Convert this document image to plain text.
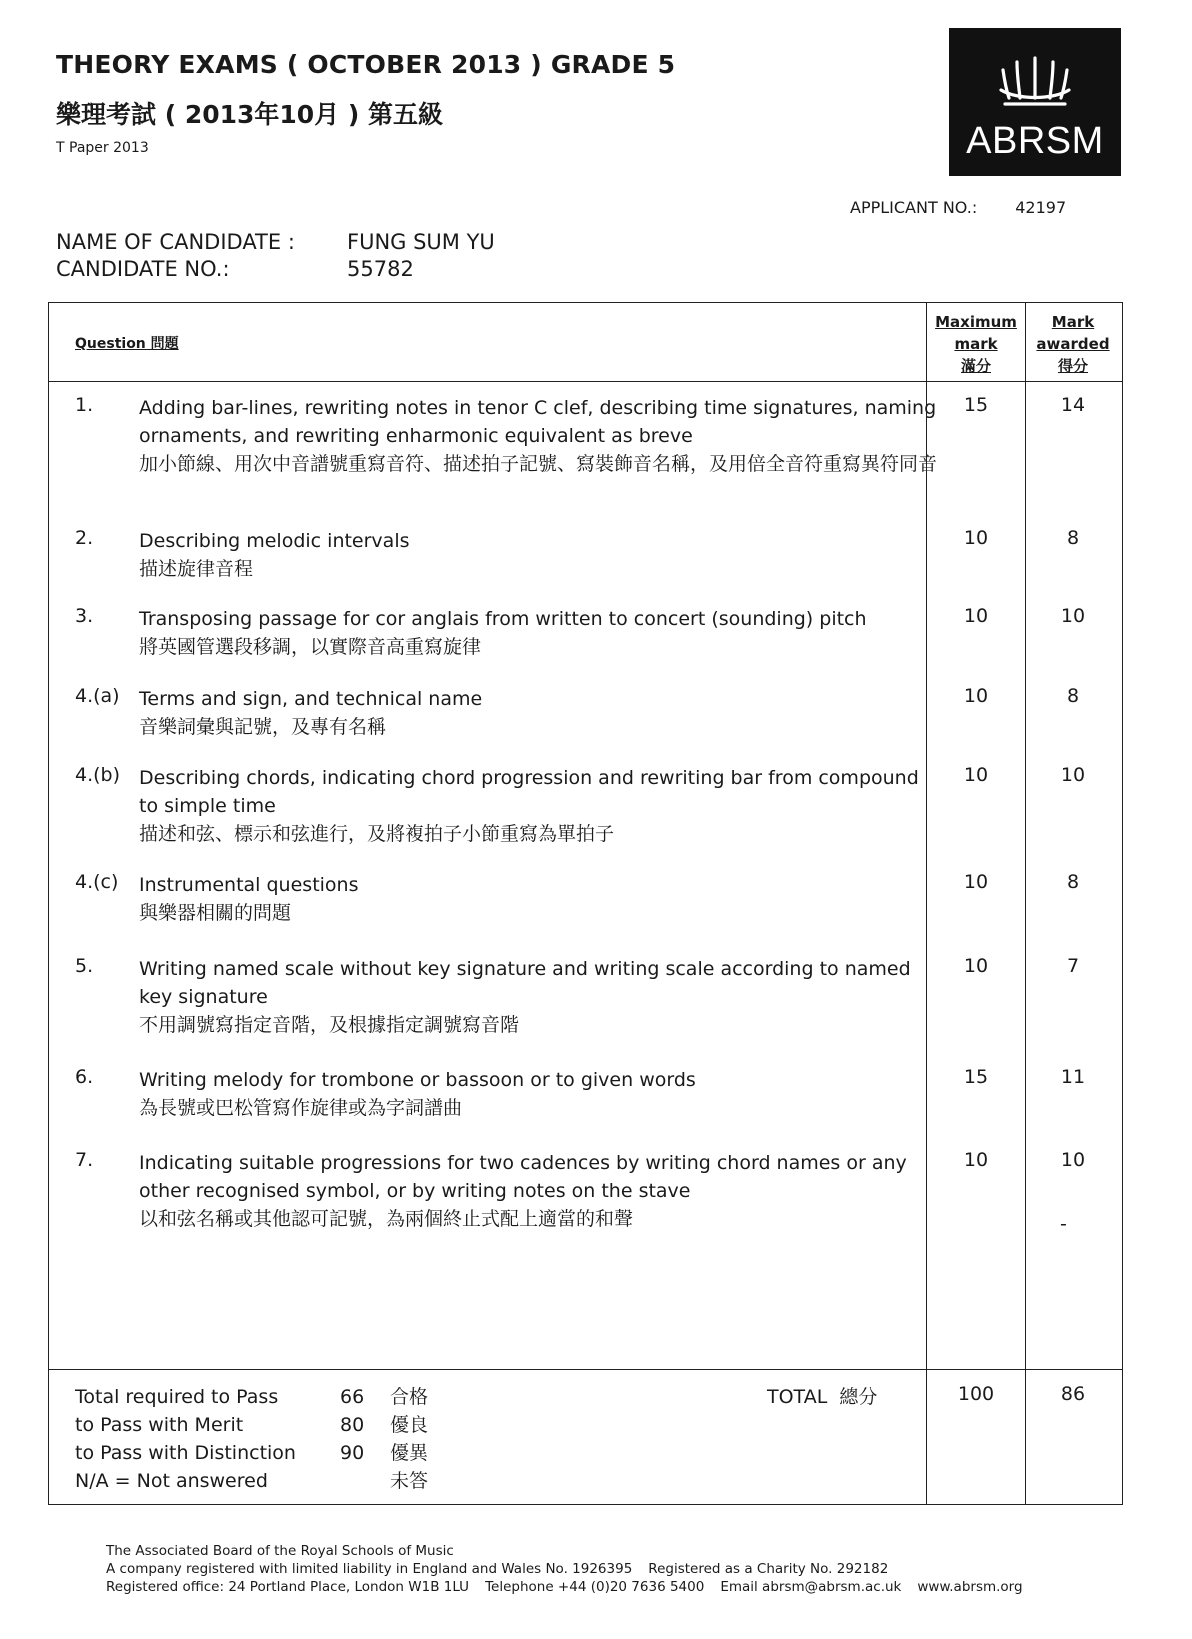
THEORY EXAMS ( OCTOBER 2013 ) GRADE 5
樂理考試 ( 2013年10月 ) 第五級
T Paper 2013	ABRSM
APPLICANT NO.: 42197
NAME OF CANDIDATE : FUNG SUM YU
CANDIDATE NO.:	55782
Question 問題
Maximum
mark
滿分
Mark
awarded
得分
1. Adding bar-lines, rewriting notes in tenor C clef, describing time signatures, naming ornaments, and rewriting enharmonic equivalent as breve
加小節線、用次中音譜號重寫音符、描述拍子記號、寫裝飾音名稱，及用倍全音符重寫異符同音
15	14
2. Describing melodic intervals
描述旋律音程
10	8
3. Transposing passage for cor anglais from written to concert (sounding) pitch
將英國管選段移調，以實際音高重寫旋律
10	10
4.(a) Terms and sign, and technical name
音樂詞彙與記號，及專有名稱
10	8
4.(b) Describing chords, indicating chord progression and rewriting bar from compound to simple time
描述和弦、標示和弦進行，及將複拍子小節重寫為單拍子
10	10
4.(c) Instrumental questions
與樂器相關的問題
10	8
5. Writing named scale without key signature and writing scale according to named key signature
不用調號寫指定音階，及根據指定調號寫音階
10	7
6. Writing melody for trombone or bassoon or to given words
為長號或巴松管寫作旋律或為字詞譜曲
15	11
7. Indicating suitable progressions for two cadences by writing chord names or any other recognised symbol, or by writing notes on the stave
以和弦名稱或其他認可記號，為兩個終止式配上適當的和聲
10	10
Total required to Pass	66 合格
to Pass with Merit	80 優良
to Pass with Distinction 90 優異
N/A = Not answered	未答
TOTAL  總分	100	86
-
The Associated Board of the Royal Schools of Music
A company registered with limited liability in England and Wales No. 1926395 Registered as a Charity No. 292182
Registered office: 24 Portland Place, London W1B 1LU Telephone +44 (0)20 7636 5400 Email abrsm@abrsm.ac.uk www.abrsm.org
